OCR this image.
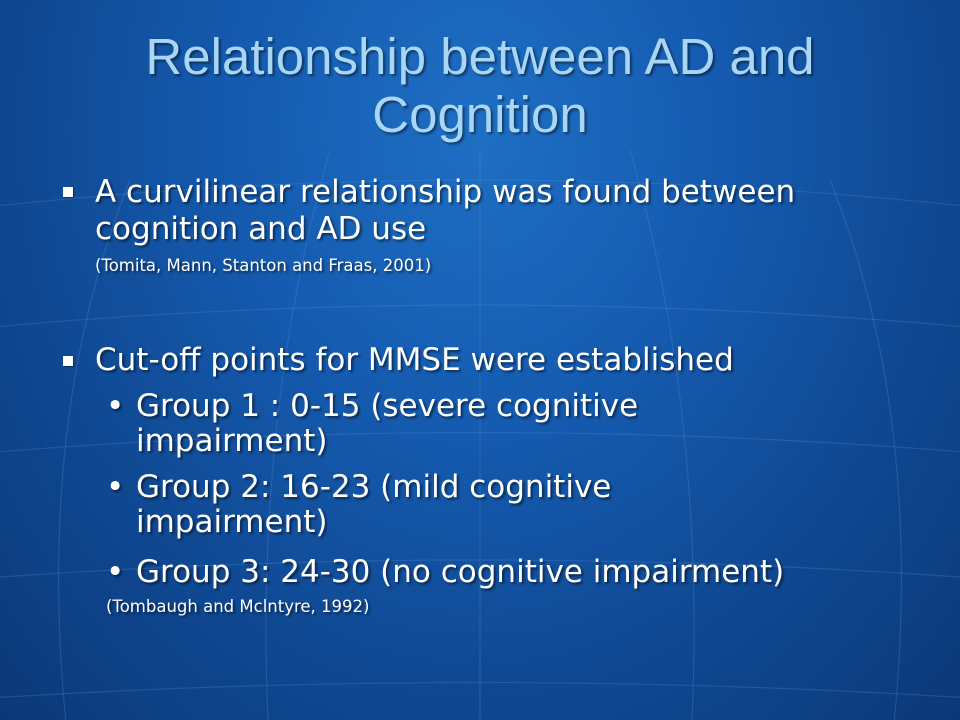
Relationship between AD and
Cognition
A curvilinear relationship was found between
cognition and AD use
(Tomita, Mann, Stanton and Fraas, 2001)
Cut-off points for MMSE were established
• Group 1 : 0-15 (severe cognitive
impairment)
• Group 2: 16-23 (mild cognitive
impairment)
• Group 3: 24-30 (no cognitive impairment)
(Tombaugh and Mclntyre, 1992)
